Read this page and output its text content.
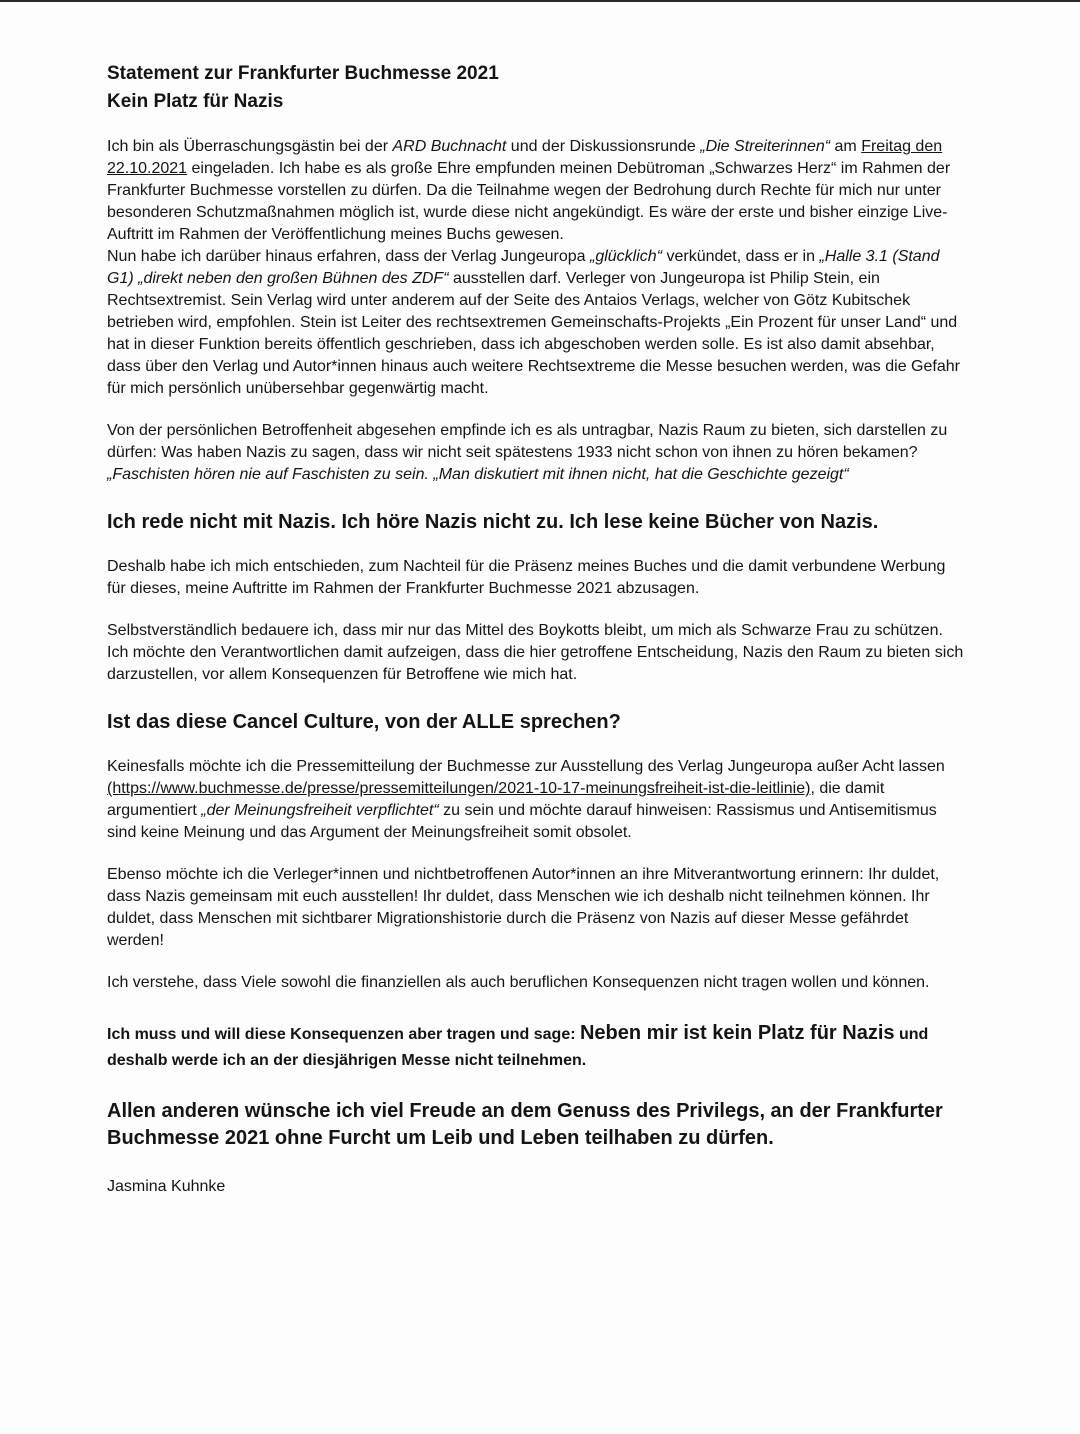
Statement zur Frankfurter Buchmesse 2021
Kein Platz für Nazis

Ich bin als Überraschungsgästin bei der ARD Buchnacht und der Diskussionsrunde „Die Streiterinnen“ am Freitag den 22.10.2021 eingeladen. Ich habe es als große Ehre empfunden meinen Debütroman „Schwarzes Herz“ im Rahmen der Frankfurter Buchmesse vorstellen zu dürfen. Da die Teilnahme wegen der Bedrohung durch Rechte für mich nur unter besonderen Schutzmaßnahmen möglich ist, wurde diese nicht angekündigt. Es wäre der erste und bisher einzige Live-Auftritt im Rahmen der Veröffentlichung meines Buchs gewesen.

Nun habe ich darüber hinaus erfahren, dass der Verlag Jungeuropa „glücklich“ verkündet, dass er in „Halle 3.1 (Stand G1) „direkt neben den großen Bühnen des ZDF“ ausstellen darf. Verleger von Jungeuropa ist Philip Stein, ein Rechtsextremist. Sein Verlag wird unter anderem auf der Seite des Antaios Verlags, welcher von Götz Kubitschek betrieben wird, empfohlen. Stein ist Leiter des rechtsextremen Gemeinschafts-Projekts „Ein Prozent für unser Land“ und hat in dieser Funktion bereits öffentlich geschrieben, dass ich abgeschoben werden solle. Es ist also damit absehbar, dass über den Verlag und Autor*innen hinaus auch weitere Rechtsextreme die Messe besuchen werden, was die Gefahr für mich persönlich unübersehbar gegenwärtig macht.

Von der persönlichen Betroffenheit abgesehen empfinde ich es als untragbar, Nazis Raum zu bieten, sich darstellen zu dürfen: Was haben Nazis zu sagen, dass wir nicht seit spätestens 1933 nicht schon von ihnen zu hören bekamen? „Faschisten hören nie auf Faschisten zu sein. „Man diskutiert mit ihnen nicht, hat die Geschichte gezeigt“

Ich rede nicht mit Nazis. Ich höre Nazis nicht zu. Ich lese keine Bücher von Nazis.

Deshalb habe ich mich entschieden, zum Nachteil für die Präsenz meines Buches und die damit verbundene Werbung für dieses, meine Auftritte im Rahmen der Frankfurter Buchmesse 2021 abzusagen.

Selbstverständlich bedauere ich, dass mir nur das Mittel des Boykotts bleibt, um mich als Schwarze Frau zu schützen. Ich möchte den Verantwortlichen damit aufzeigen, dass die hier getroffene Entscheidung, Nazis den Raum zu bieten sich darzustellen, vor allem Konsequenzen für Betroffene wie mich hat.

Ist das diese Cancel Culture, von der ALLE sprechen?

Keinesfalls möchte ich die Pressemitteilung der Buchmesse zur Ausstellung des Verlag Jungeuropa außer Acht lassen (https://www.buchmesse.de/presse/pressemitteilungen/2021-10-17-meinungsfreiheit-ist-die-leitlinie), die damit argumentiert „der Meinungsfreiheit verpflichtet“ zu sein und möchte darauf hinweisen: Rassismus und Antisemitismus sind keine Meinung und das Argument der Meinungsfreiheit somit obsolet.

Ebenso möchte ich die Verleger*innen und nichtbetroffenen Autor*innen an ihre Mitverantwortung erinnern: Ihr duldet, dass Nazis gemeinsam mit euch ausstellen! Ihr duldet, dass Menschen wie ich deshalb nicht teilnehmen können. Ihr duldet, dass Menschen mit sichtbarer Migrationshistorie durch die Präsenz von Nazis auf dieser Messe gefährdet werden!

Ich verstehe, dass Viele sowohl die finanziellen als auch beruflichen Konsequenzen nicht tragen wollen und können.

Ich muss und will diese Konsequenzen aber tragen und sage: Neben mir ist kein Platz für Nazis und deshalb werde ich an der diesjährigen Messe nicht teilnehmen.

Allen anderen wünsche ich viel Freude an dem Genuss des Privilegs, an der Frankfurter Buchmesse 2021 ohne Furcht um Leib und Leben teilhaben zu dürfen.

Jasmina Kuhnke
